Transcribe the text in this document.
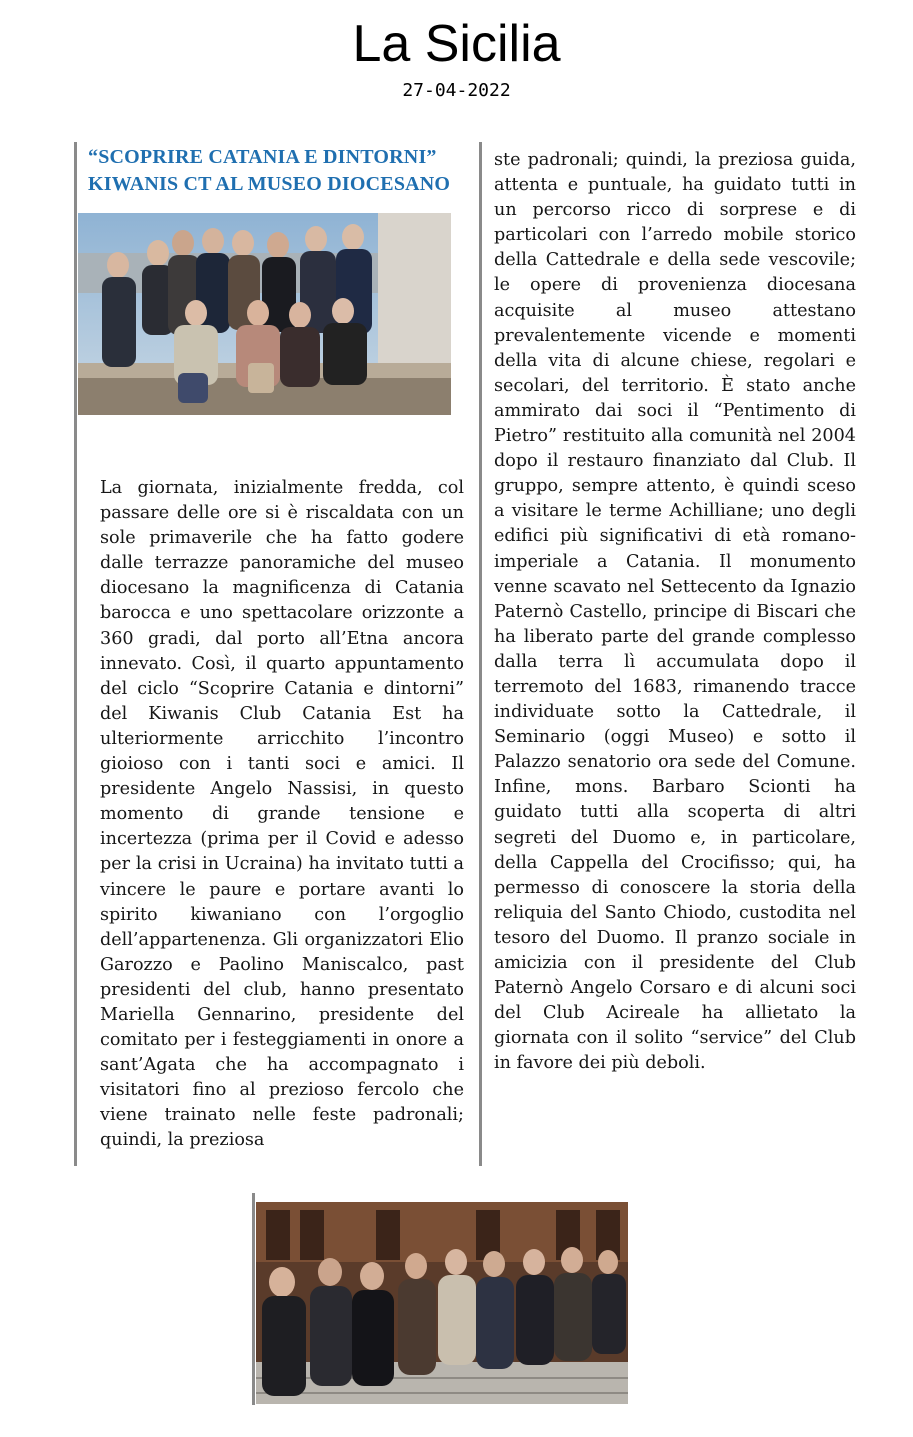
La Sicilia
27-04-2022
“SCOPRIRE CATANIA E DINTORNI”
KIWANIS CT AL MUSEO DIOCESANO

La giornata, inizialmente fredda, col passare delle ore si è riscaldata con un sole primaverile che ha fatto godere dalle terrazze panoramiche del museo diocesano la magnificenza di Catania barocca e uno spettacolare orizzonte a 360 gradi, dal porto all’Etna ancora innevato. Così, il quarto appuntamento del ciclo “Scoprire Catania e dintorni” del Kiwanis Club Catania Est ha ulteriormente arricchito l’incontro gioioso con i tanti soci e amici. Il presidente Angelo Nassisi, in questo momento di grande tensione e incertezza (prima per il Covid e adesso per la crisi in Ucraina) ha invitato tutti a vincere le paure e portare avanti lo spirito kiwaniano con l’orgoglio dell’appartenenza. Gli organizzatori Elio Garozzo e Paolino Maniscalco, past presidenti del club, hanno presentato Mariella Gennarino, presidente del comitato per i festeggiamenti in onore a sant’Agata che ha accompagnato i visitatori fino al prezioso fercolo che viene trainato nelle feste padronali; quindi, la preziosa

ste padronali; quindi, la preziosa guida, attenta e puntuale, ha guidato tutti in un percorso ricco di sorprese e di particolari con l’arredo mobile storico della Cattedrale e della sede vescovile; le opere di provenienza diocesana acquisite al museo attestano prevalentemente vicende e momenti della vita di alcune chiese, regolari e secolari, del territorio. È stato anche ammirato dai soci il “Pentimento di Pietro” restituito alla comunità nel 2004 dopo il restauro finanziato dal Club. Il gruppo, sempre attento, è quindi sceso a visitare le terme Achilliane; uno degli edifici più significativi di età romano-imperiale a Catania. Il monumento venne scavato nel Settecento da Ignazio Paternò Castello, principe di Biscari che ha liberato parte del grande complesso dalla terra lì accumulata dopo il terremoto del 1683, rimanendo tracce individuate sotto la Cattedrale, il Seminario (oggi Museo) e sotto il Palazzo senatorio ora sede del Comune. Infine, mons. Barbaro Scionti ha guidato tutti alla scoperta di altri segreti del Duomo e, in particolare, della Cappella del Crocifisso; qui, ha permesso di conoscere la storia della reliquia del Santo Chiodo, custodita nel tesoro del Duomo. Il pranzo sociale in amicizia con il presidente del Club Paternò Angelo Corsaro e di alcuni soci del Club Acireale ha allietato la giornata con il solito “service” del Club in favore dei più deboli.
